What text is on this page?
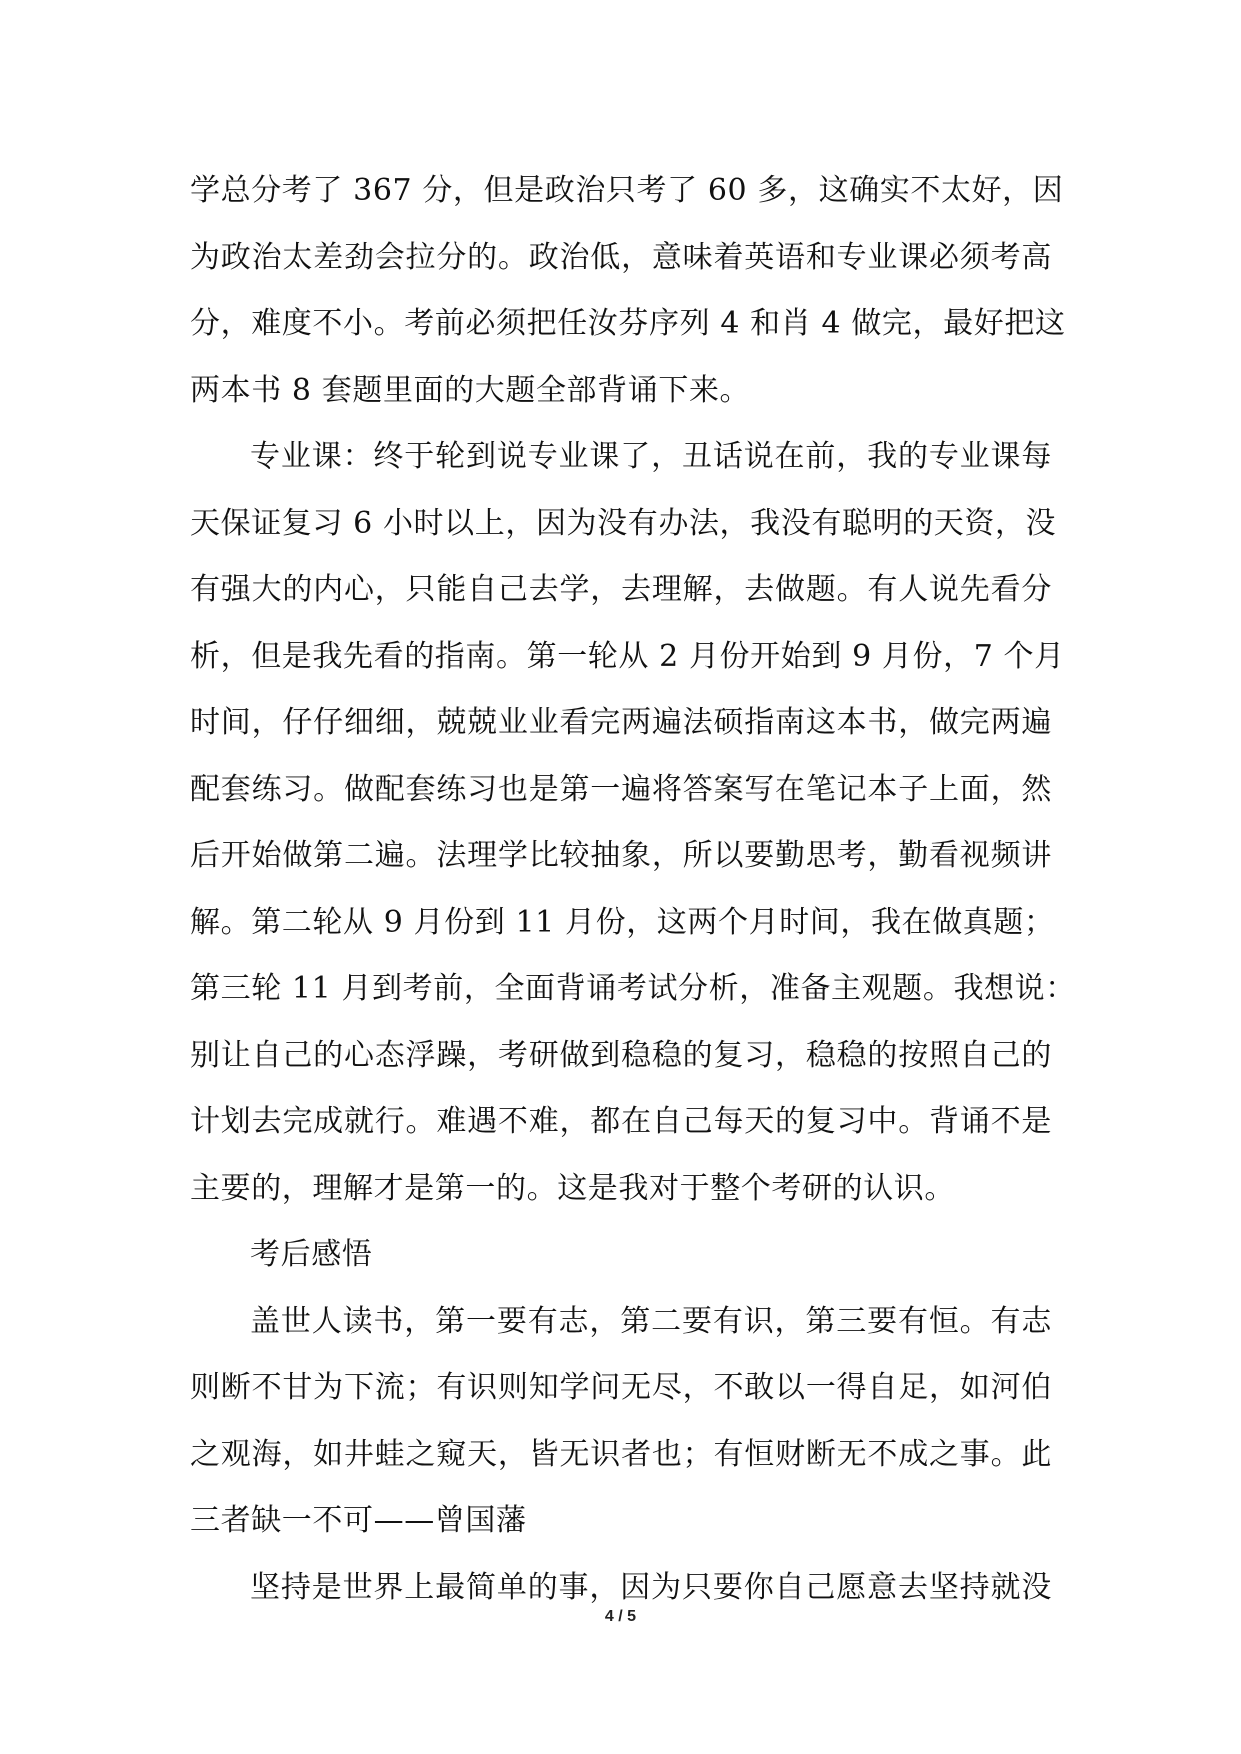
学总分考了 367 分，但是政治只考了 60 多，这确实不太好，因
为政治太差劲会拉分的。政治低，意味着英语和专业课必须考高
分，难度不小。考前必须把任汝芬序列 4 和肖 4 做完，最好把这
两本书 8 套题里面的大题全部背诵下来。
专业课：终于轮到说专业课了，丑话说在前，我的专业课每
天保证复习 6 小时以上，因为没有办法，我没有聪明的天资，没
有强大的内心，只能自己去学，去理解，去做题。有人说先看分
析，但是我先看的指南。第一轮从 2 月份开始到 9 月份，7 个月
时间，仔仔细细，兢兢业业看完两遍法硕指南这本书，做完两遍
配套练习。做配套练习也是第一遍将答案写在笔记本子上面，然
后开始做第二遍。法理学比较抽象，所以要勤思考，勤看视频讲
解。第二轮从 9 月份到 11 月份，这两个月时间，我在做真题；
第三轮 11 月到考前，全面背诵考试分析，准备主观题。我想说：
别让自己的心态浮躁，考研做到稳稳的复习，稳稳的按照自己的
计划去完成就行。难遇不难，都在自己每天的复习中。背诵不是
主要的，理解才是第一的。这是我对于整个考研的认识。
考后感悟
盖世人读书，第一要有志，第二要有识，第三要有恒。有志
则断不甘为下流；有识则知学问无尽，不敢以一得自足，如河伯
之观海，如井蛙之窥天，皆无识者也；有恒财断无不成之事。此
三者缺一不可——曾国藩
坚持是世界上最简单的事，因为只要你自己愿意去坚持就没
4 / 5
